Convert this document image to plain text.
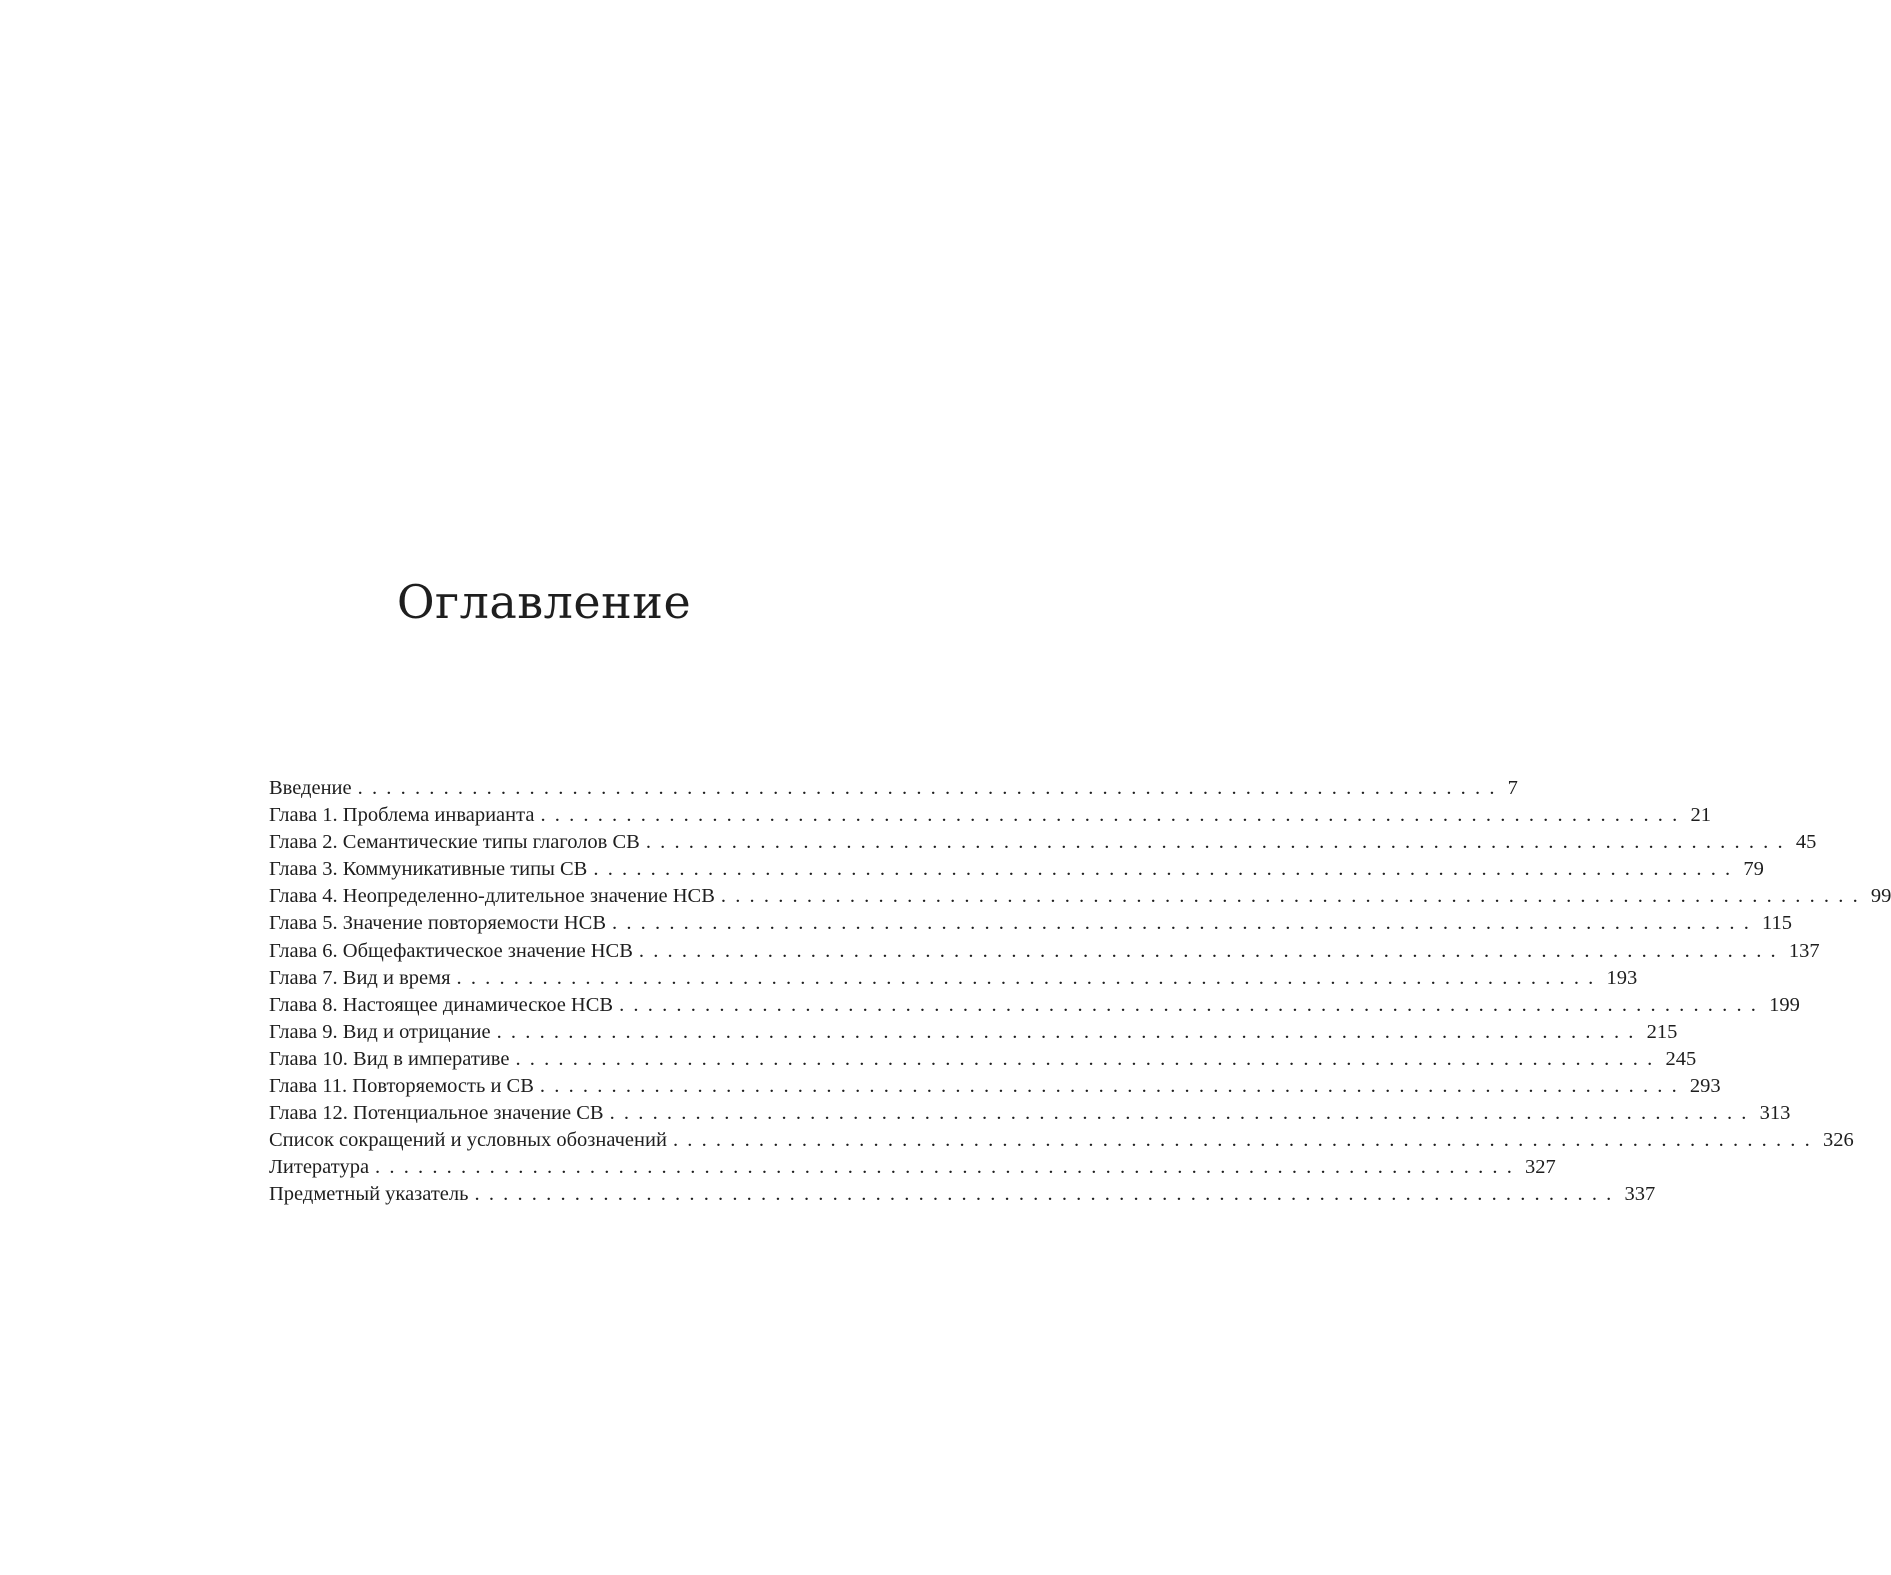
Оглавление
Введение ................................................................................ 7
Глава 1. Проблема инварианта ................................................................................ 21
Глава 2. Семантические типы глаголов СВ ................................................................................ 45
Глава 3. Коммуникативные типы СВ ................................................................................ 79
Глава 4. Неопределенно-длительное значение НСВ ................................................................................ 99
Глава 5. Значение повторяемости НСВ ................................................................................ 115
Глава 6. Общефактическое значение НСВ ................................................................................ 137
Глава 7. Вид и время ................................................................................ 193
Глава 8. Настоящее динамическое НСВ ................................................................................ 199
Глава 9. Вид и отрицание ................................................................................ 215
Глава 10. Вид в императиве ................................................................................ 245
Глава 11. Повторяемость и СВ ................................................................................ 293
Глава 12. Потенциальное значение СВ ................................................................................ 313
Список сокращений и условных обозначений ................................................................................ 326
Литература ................................................................................ 327
Предметный указатель ................................................................................ 337
